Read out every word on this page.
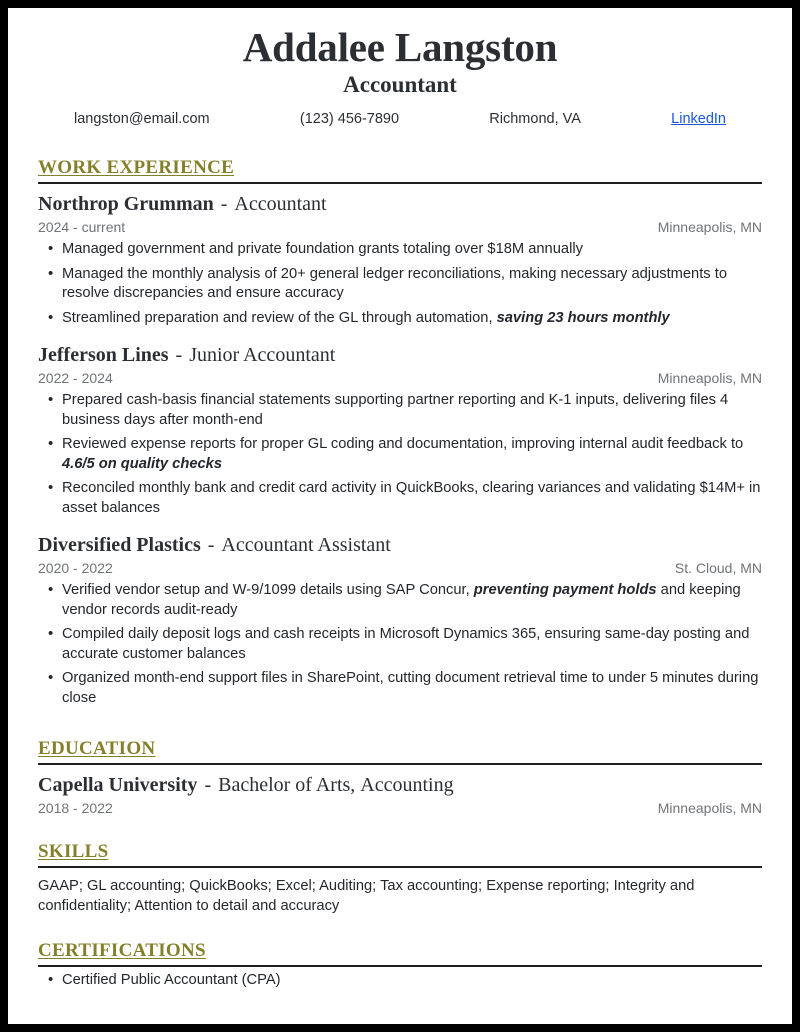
Addalee Langston
Accountant
langston@email.com	(123) 456-7890	Richmond, VA	LinkedIn
WORK EXPERIENCE
Northrop Grumman - Accountant
2024 - current	Minneapolis, MN
• Managed government and private foundation grants totaling over $18M annually
• Managed the monthly analysis of 20+ general ledger reconciliations, making necessary adjustments to resolve discrepancies and ensure accuracy
• Streamlined preparation and review of the GL through automation, saving 23 hours monthly
Jefferson Lines - Junior Accountant
2022 - 2024	Minneapolis, MN
• Prepared cash-basis financial statements supporting partner reporting and K-1 inputs, delivering files 4 business days after month-end
• Reviewed expense reports for proper GL coding and documentation, improving internal audit feedback to 4.6/5 on quality checks
• Reconciled monthly bank and credit card activity in QuickBooks, clearing variances and validating $14M+ in asset balances
Diversified Plastics - Accountant Assistant
2020 - 2022	St. Cloud, MN
• Verified vendor setup and W-9/1099 details using SAP Concur, preventing payment holds and keeping vendor records audit-ready
• Compiled daily deposit logs and cash receipts in Microsoft Dynamics 365, ensuring same-day posting and accurate customer balances
• Organized month-end support files in SharePoint, cutting document retrieval time to under 5 minutes during close
EDUCATION
Capella University - Bachelor of Arts, Accounting
2018 - 2022	Minneapolis, MN
SKILLS
GAAP; GL accounting; QuickBooks; Excel; Auditing; Tax accounting; Expense reporting; Integrity and confidentiality; Attention to detail and accuracy
CERTIFICATIONS
• Certified Public Accountant (CPA)
